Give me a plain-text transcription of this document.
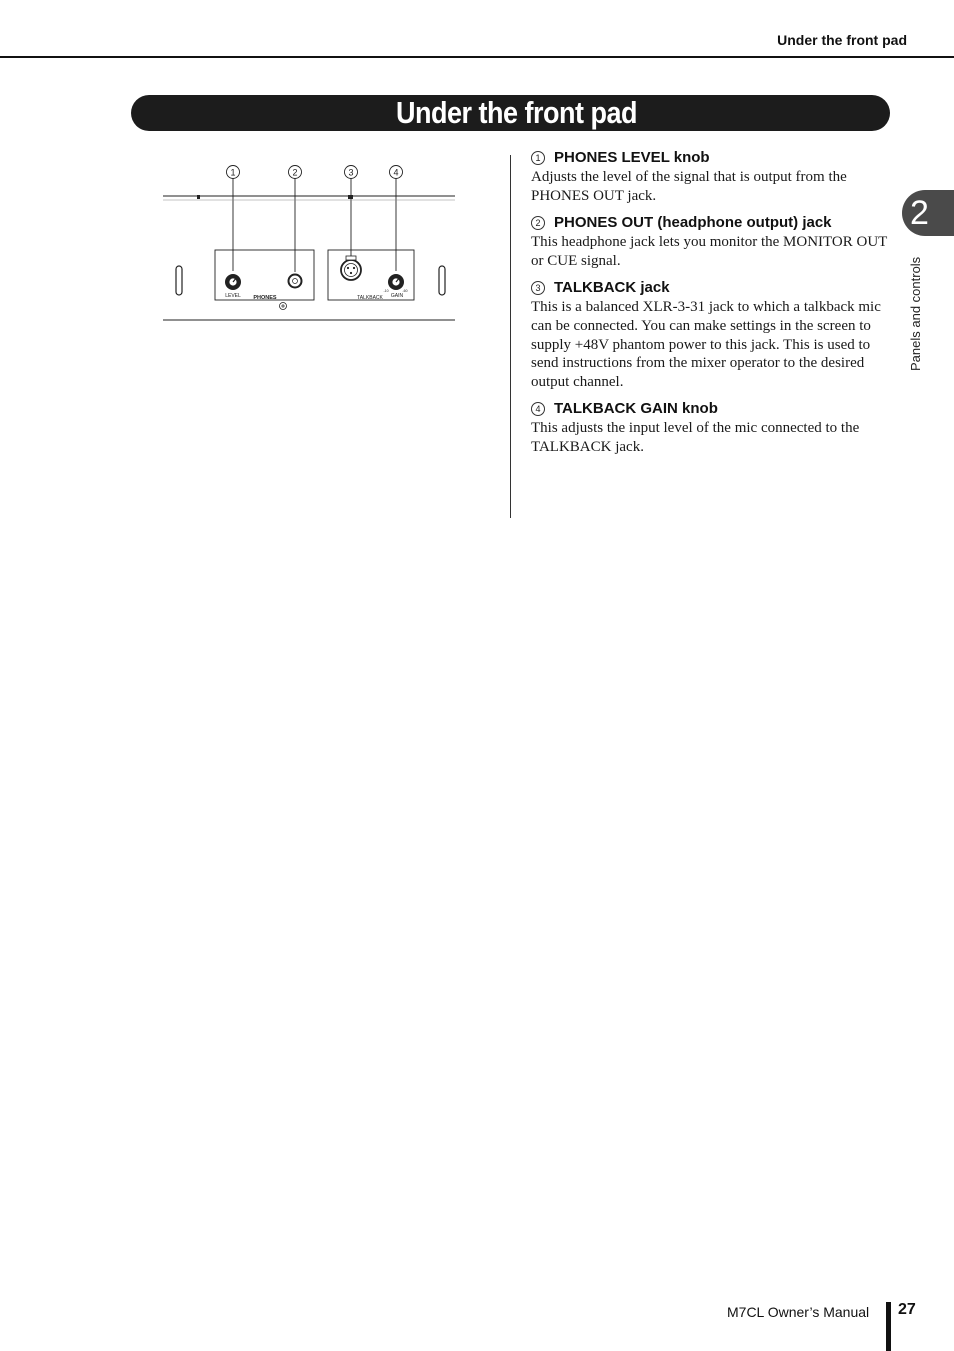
Under the front pad
Under the front pad
1	2	3	4
LEVEL PHONES
-10	-60
GAIN
TALKBACK

1 PHONES LEVEL knob

Adjusts the level of the signal that is output from the PHONES OUT jack.

2 PHONES OUT (headphone output) jack

This headphone jack lets you monitor the MONITOR OUT or CUE signal.

3 TALKBACK jack

This is a balanced XLR-3-31 jack to which a talkback mic can be connected. You can make settings in the screen to supply +48V phantom power to this jack. This is used to send instructions from the mixer operator to the desired output channel.

4 TALKBACK GAIN knob

This adjusts the input level of the mic connected to the TALKBACK jack.

2
Panels and controls
M7CL Owner’s Manual 27
